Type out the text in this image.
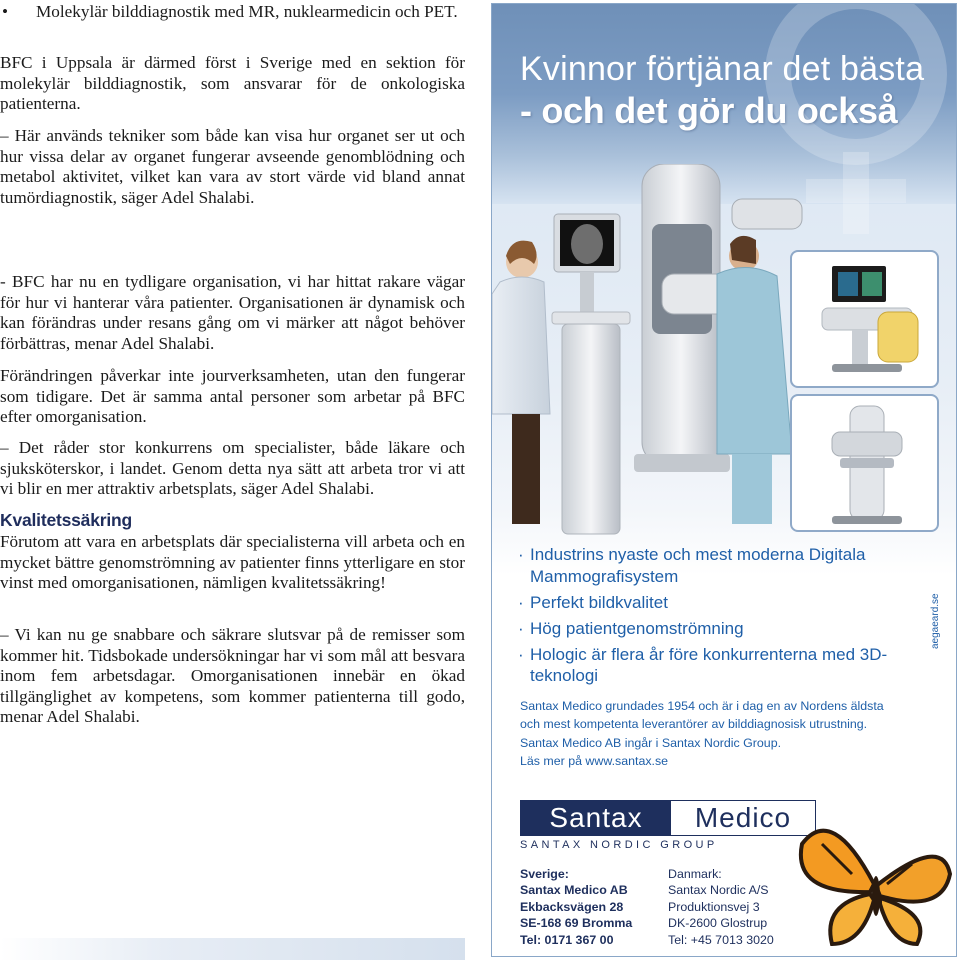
• Molekylär bilddiagnostik med MR, nuklearmedicin och PET.

BFC i Uppsala är därmed först i Sverige med en sektion för molekylär bilddiagnostik, som ansvarar för de onkologiska patienterna.

– Här används tekniker som både kan visa hur organet ser ut och hur vissa delar av organet fungerar avseende genomblödning och metabol aktivitet, vilket kan vara av stort värde vid bland annat tumördiagnostik, säger Adel Shalabi.

- BFC har nu en tydligare organisation, vi har hittat rakare vägar för hur vi hanterar våra patienter. Organisationen är dynamisk och kan förändras under resans gång om vi märker att något behöver förbättras, menar Adel Shalabi.

Förändringen påverkar inte jourverksamheten, utan den fungerar som tidigare. Det är samma antal personer som arbetar på BFC efter omorganisation.

– Det råder stor konkurrens om specialister, både läkare och sjuksköterskor, i landet. Genom detta nya sätt att arbeta tror vi att vi blir en mer attraktiv arbetsplats, säger Adel Shalabi.

Kvalitetssäkring

Förutom att vara en arbetsplats där specialisterna vill arbeta och en mycket bättre genomströmning av patienter finns ytterligare en stor vinst med omorganisationen, nämligen kvalitetssäkring!

– Vi kan nu ge snabbare och säkrare slutsvar på de remisser som kommer hit. Tidsbokade undersökningar har vi som mål att besvara inom fem arbetsdagar. Omorganisationen innebär en ökad tillgänglighet av kompetens, som kommer patienterna till godo, menar Adel Shalabi.

Kvinnor förtjänar det bästa
- och det gör du också
· Industrins nyaste och mest moderna Digitala Mammografisystem
· Perfekt bildkvalitet
· Hög patientgenomströmning
· Hologic är flera år före konkurrenterna med 3D-teknologi
aegaeard.se
Santax Medico grundades 1954 och är i dag en av Nordens äldsta
och mest kompetenta leverantörer av bilddiagnosisk utrustning.
Santax Medico AB ingår i Santax Nordic Group.
Läs mer på www.santax.se
Santax	Medico
SANTAX NORDIC GROUP
Sverige:
Santax Medico AB
Ekbacksvägen 28
SE-168 69 Bromma
Tel: 0171 367 00
Danmark:
Santax Nordic A/S
Produktionsvej 3
DK-2600 Glostrup
Tel: +45 7013 3020
